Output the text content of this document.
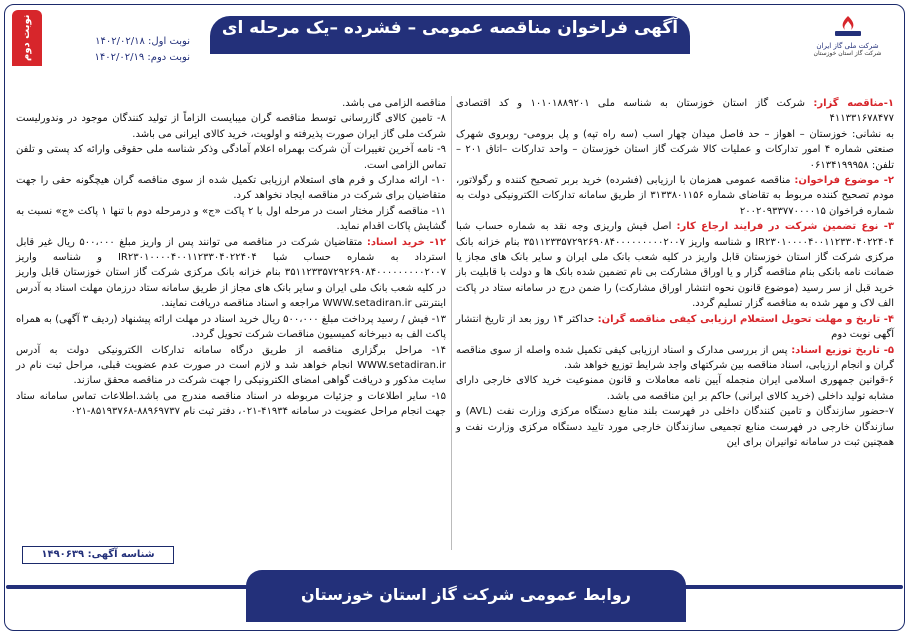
آگهی فراخوان مناقصه عمومی – فشرده –یک مرحله ای
شرکت ملی گاز ایران
شرکت گاز استان خوزستان
نوبت دوم	نوبت اول: ۱۴۰۲/۰۲/۱۸
نوبت دوم: ۱۴۰۲/۰۲/۱۹
۱-مناقصه گزار: شرکت گاز استان خوزستان به شناسه ملی ۱۰۱۰۱۸۸۹۲۰۱ و کد اقتصادی ۴۱۱۳۳۱۶۷۸۴۷۷
به نشانی: خوزستان – اهواز – حد فاصل میدان چهار اسب (سه راه تپه) و پل برومی- روبروی شهرک صنعتی شماره ۴ امور تدارکات و عملیات کالا شرکت گاز استان خوزستان – واحد تدارکات –اتاق ۲۰۱ – تلفن: ۰۶۱۳۴۱۹۹۹۵۸
۲- موضوع فراخوان: مناقصه عمومی همزمان با ارزیابی (فشرده) خرید بربر تصحیح کننده و رگولاتور، مودم تصحیح کننده مربوط به تقاضای شماره ۳۱۳۳۸۰۱۱۵۶ از طریق سامانه تدارکات الکترونیکی دولت به شماره فراخوان ۲۰۰۲۰۹۳۳۷۷۰۰۰۰۱۵
۳- نوع تضمین شرکت در فرایند ارجاع کار: اصل فیش واریزی وجه نقد به شماره حساب شبا IR۲۳۰۱۰۰۰۰۴۰۰۱۱۲۳۳۰۴۰۲۲۴۰۴ و شناسه واریز ۳۵۱۱۲۳۳۵۷۲۹۲۶۹۰۸۴۰۰۰۰۰۰۰۰۰۲۰۰۷ بنام خزانه بانک مرکزی شرکت گاز استان خوزستان قابل واریز در کلیه شعب بانک ملی ایران و سایر بانک های مجاز یا ضمانت نامه بانکی بنام مناقصه گزار و یا اوراق مشارکت بی نام تضمین شده بانک ها و دولت با قابلیت باز خرید قبل از سر رسید (موضوع قانون نحوه انتشار اوراق مشارکت) را ضمن درج در سامانه ستاد در پاکت الف لاک و مهر شده به مناقصه گزار تسلیم گردد.
۴- تاریخ و مهلت تحویل استعلام ارزیابی کیفی مناقصه گران: حداکثر ۱۴ روز بعد از تاریخ انتشار آگهی نوبت دوم
۵- تاریخ توزیع اسناد: پس از بررسی مدارک و اسناد ارزیابی کیفی تکمیل شده واصله از سوی مناقصه گران و انجام ارزیابی، اسناد مناقصه بین شرکتهای واجد شرایط توزیع خواهد شد.
۶-قوانین جمهوری اسلامی ایران منجمله آیین نامه معاملات و قانون ممنوعیت خرید کالای خارجی دارای مشابه تولید داخلی (خرید کالای ایرانی) حاکم بر این مناقصه می باشد.
۷-حضور سازندگان و تامین کنندگان داخلی در فهرست بلند منابع دستگاه مرکزی وزارت نفت (AVL) و سازندگان خارجی در فهرست منابع تجمیعی سازندگان خارجی مورد تایید دستگاه مرکزی وزارت نفت و همچنین ثبت در سامانه توانیران برای این
مناقصه الزامی می باشد.
۸- تامین کالای گازرسانی توسط مناقصه گران میبایست الزاماً از تولید کنندگان موجود در وندورلیست شرکت ملی گاز ایران صورت پذیرفته و اولویت، خرید کالای ایرانی می باشد.
۹- نامه آخرین تغییرات آن شرکت بهمراه اعلام آمادگی وذکر شناسه ملی حقوقی وارائه کد پستی و تلفن تماس الزامی است.
۱۰- ارائه مدارک و فرم های استعلام ارزیابی تکمیل شده از سوی مناقصه گران هیچگونه حقی را جهت متقاضیان برای شرکت در مناقصه ایجاد نخواهد کرد.
۱۱- مناقصه گزار مختار است در مرحله اول با ۲ پاکت «ج» و درمرحله دوم با تنها ۱ پاکت «ج» نسبت به گشایش پاکات اقدام نماید.
۱۲- خرید اسناد: متقاضیان شرکت در مناقصه می توانند پس از واریز مبلغ ۵۰۰،۰۰۰ ریال غیر قابل استرداد به شماره حساب شبا IR۲۳۰۱۰۰۰۰۴۰۰۱۱۲۳۳۰۴۰۲۲۴۰۴ و شناسه واریز ۳۵۱۱۲۳۳۵۷۲۹۲۶۹۰۸۴۰۰۰۰۰۰۰۰۰۲۰۰۷ بنام خزانه بانک مرکزی شرکت گاز استان خوزستان قابل واریز در کلیه شعب بانک ملی ایران و سایر بانک های مجاز از طریق سامانه ستاد درزمان مهلت اسناد به آدرس اینترنتی WWW.setadiran.ir مراجعه و اسناد مناقصه دریافت نمایند.
۱۳- فیش / رسید پرداخت مبلغ ۵۰۰،۰۰۰ ریال خرید اسناد در مهلت ارائه پیشنهاد (ردیف ۳ آگهی) به همراه پاکت الف به دبیرخانه کمیسیون مناقصات شرکت تحویل گردد.
۱۴- مراحل برگزاری مناقصه از طریق درگاه سامانه تدارکات الکترونیکی دولت به آدرس WWW.setadiran.ir انجام خواهد شد و لازم است در صورت عدم عضویت قبلی، مراحل ثبت نام در سایت مذکور و دریافت گواهی امضای الکترونیکی را جهت شرکت در مناقصه محقق سازند.
۱۵- سایر اطلاعات و جزئیات مربوطه در اسناد مناقصه مندرج می باشد.اطلاعات تماس سامانه ستاد جهت انجام مراحل عضویت در سامانه ۴۱۹۳۴-۰۲۱، دفتر ثبت نام ۸۸۹۶۹۷۳۷-۸۵۱۹۳۷۶۸-۰۲۱
شناسه آگهی: ۱۴۹۰۶۳۹
روابط عمومی شرکت گاز استان خوزستان
